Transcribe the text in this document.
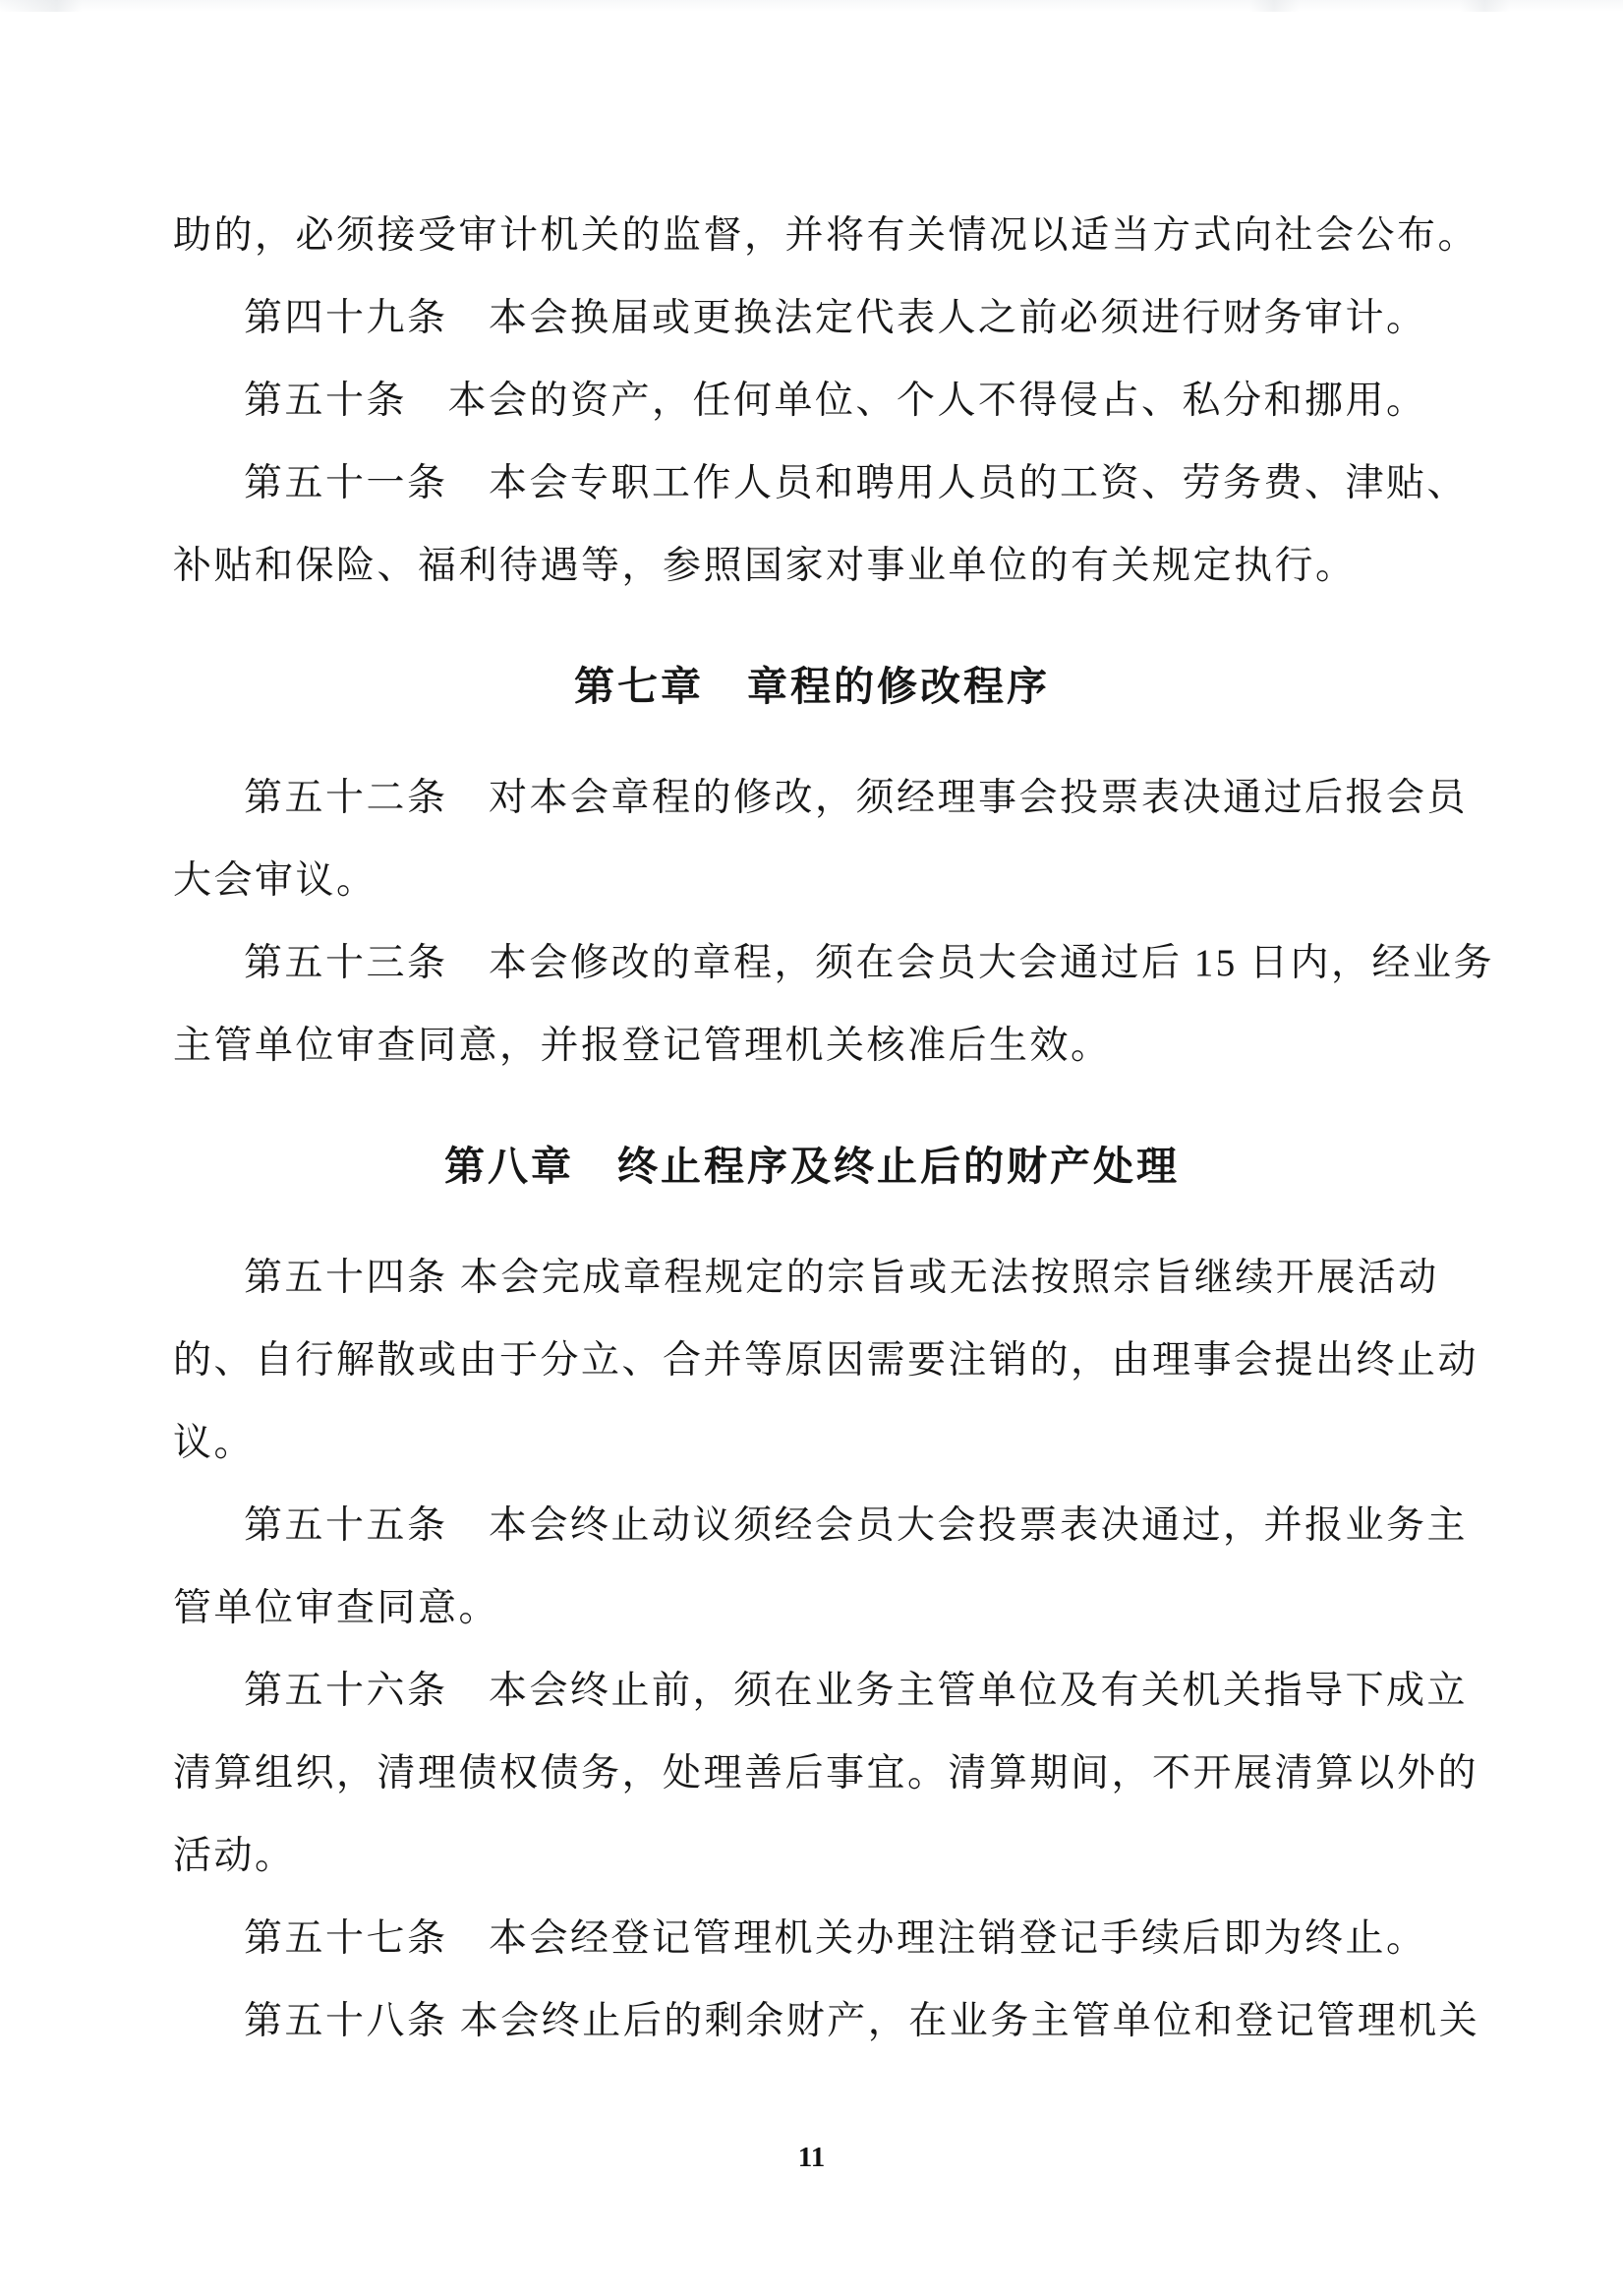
助的，必须接受审计机关的监督，并将有关情况以适当方式向社会公布。
第四十九条　本会换届或更换法定代表人之前必须进行财务审计。
第五十条　本会的资产，任何单位、个人不得侵占、私分和挪用。
第五十一条　本会专职工作人员和聘用人员的工资、劳务费、津贴、
补贴和保险、福利待遇等，参照国家对事业单位的有关规定执行。
第七章　章程的修改程序
第五十二条　对本会章程的修改，须经理事会投票表决通过后报会员
大会审议。
第五十三条　本会修改的章程，须在会员大会通过后 15 日内，经业务
主管单位审查同意，并报登记管理机关核准后生效。
第八章　终止程序及终止后的财产处理
第五十四条 本会完成章程规定的宗旨或无法按照宗旨继续开展活动
的、自行解散或由于分立、合并等原因需要注销的，由理事会提出终止动
议。
第五十五条　本会终止动议须经会员大会投票表决通过，并报业务主
管单位审查同意。
第五十六条　本会终止前，须在业务主管单位及有关机关指导下成立
清算组织，清理债权债务，处理善后事宜。清算期间，不开展清算以外的
活动。
第五十七条　本会经登记管理机关办理注销登记手续后即为终止。
第五十八条 本会终止后的剩余财产，在业务主管单位和登记管理机关
11
